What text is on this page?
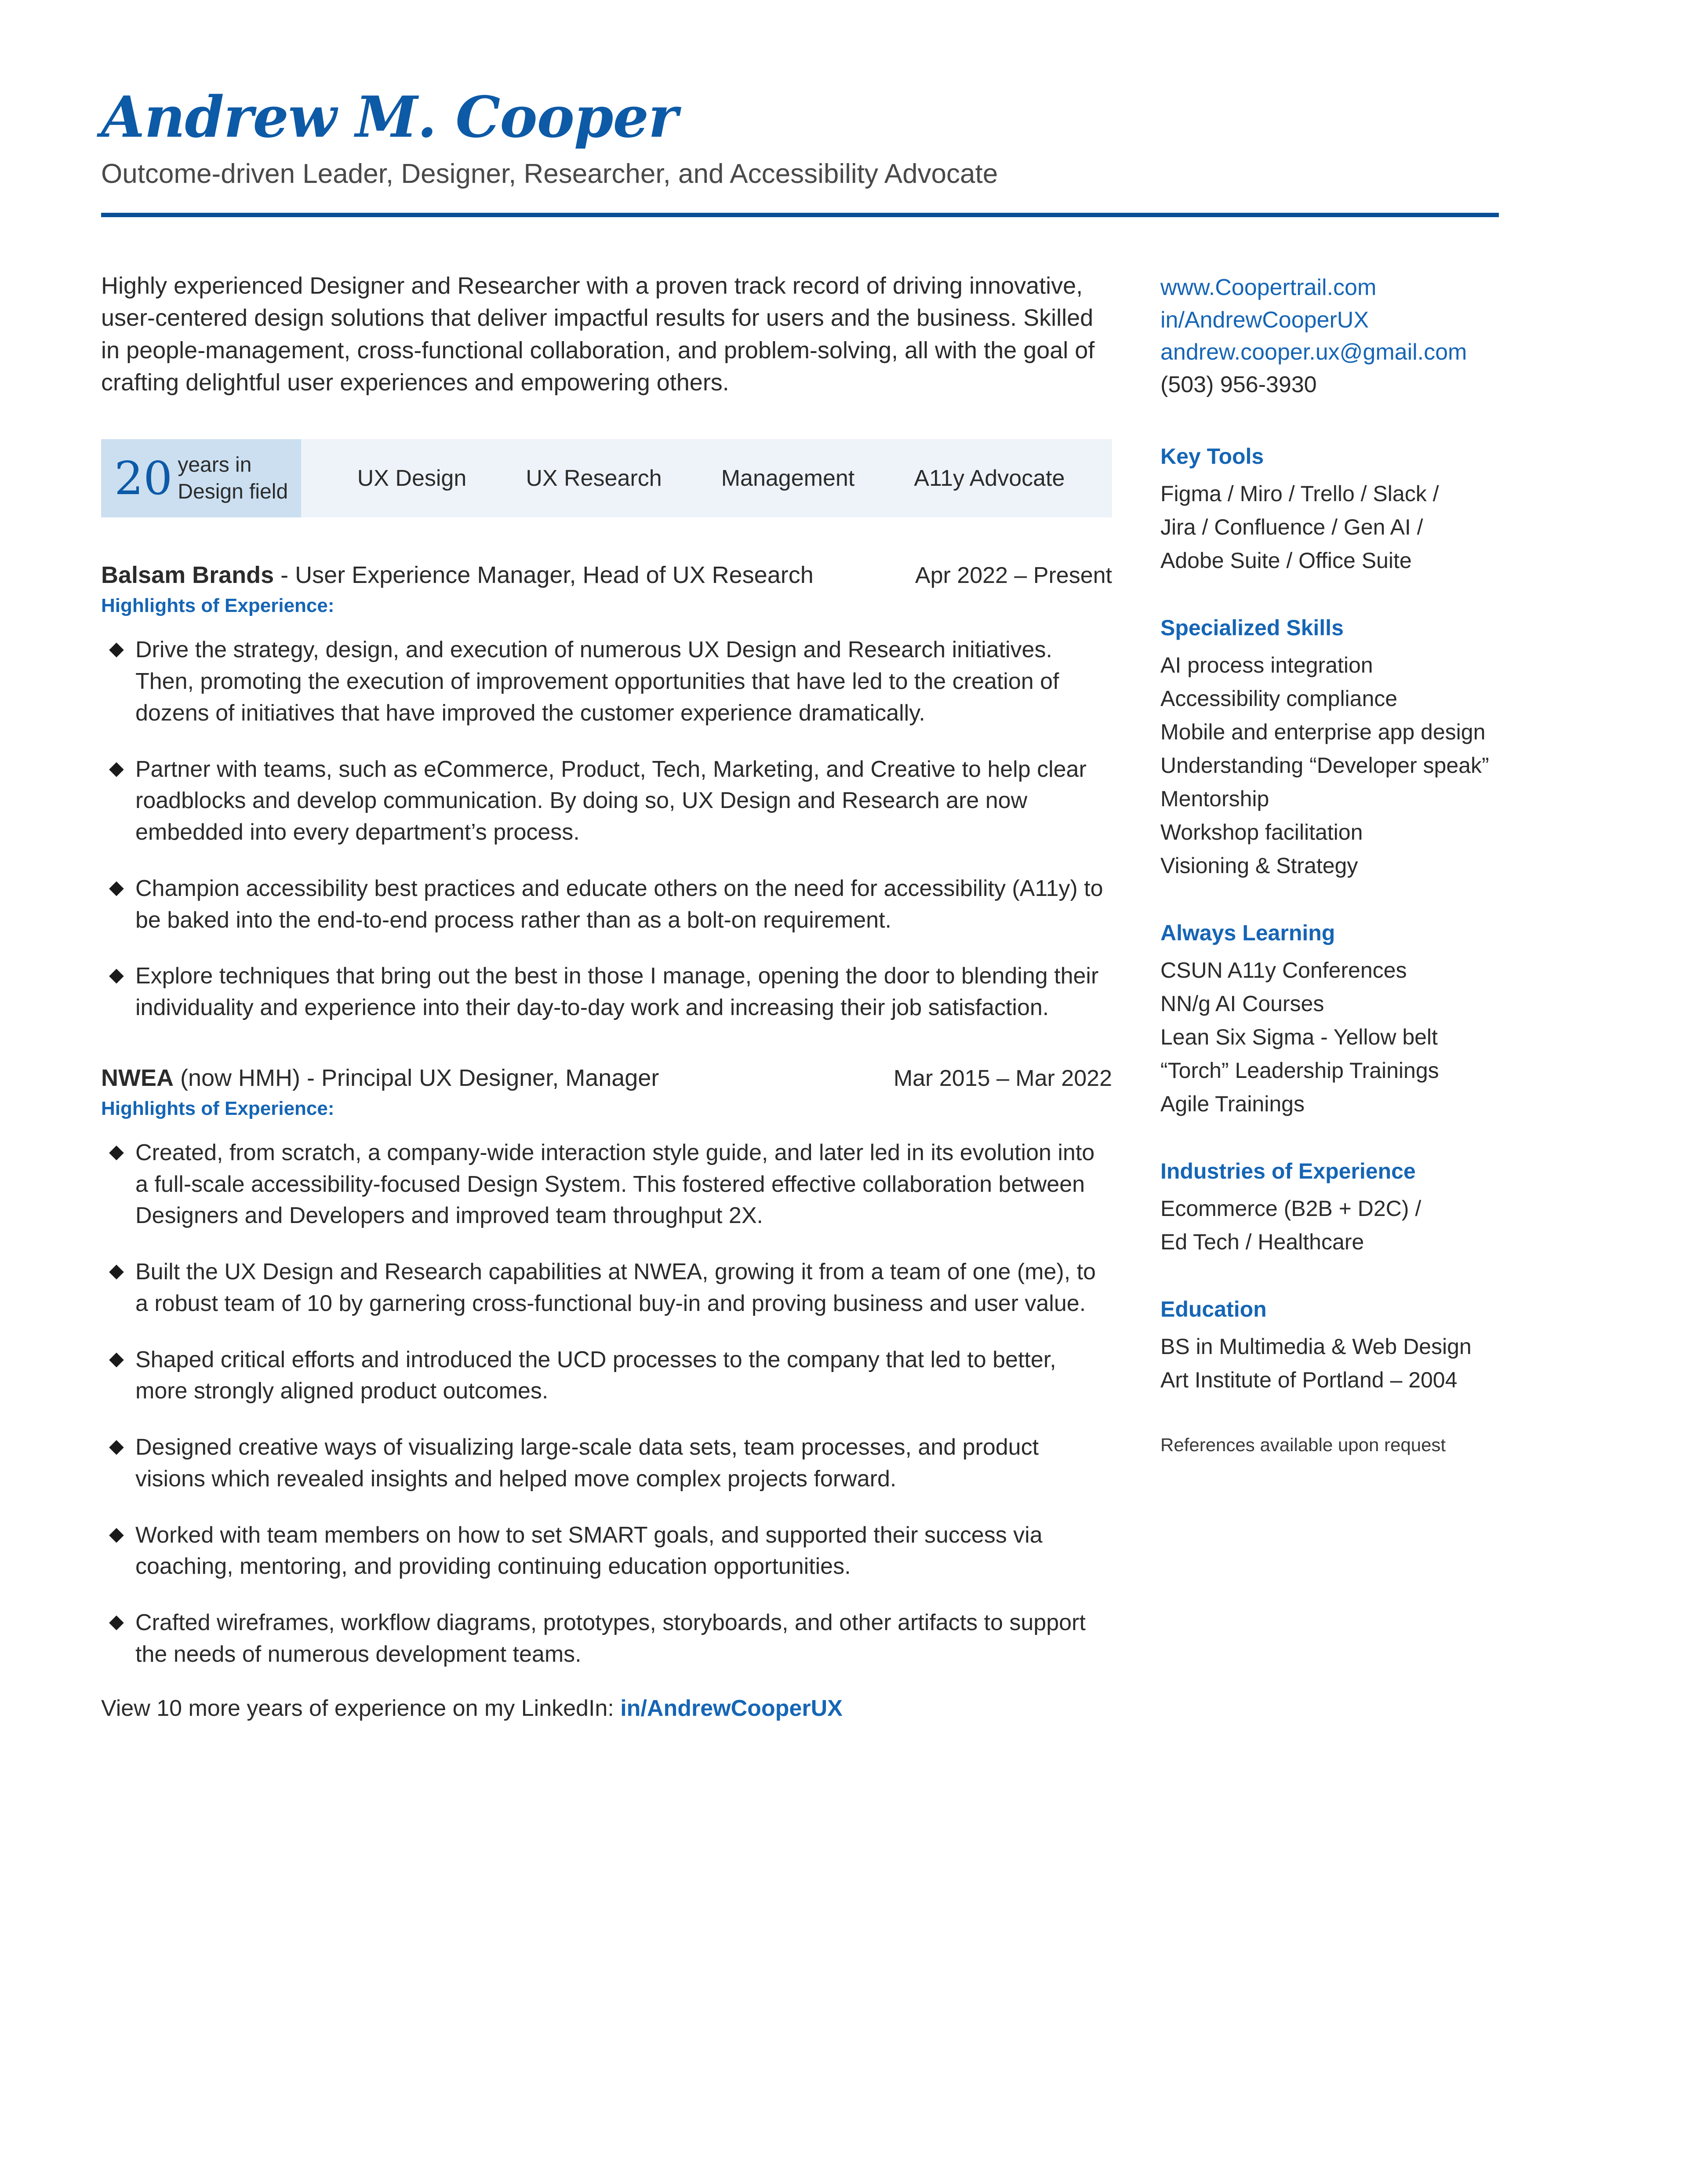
Andrew M. Cooper
Outcome-driven Leader, Designer, Researcher, and Accessibility Advocate
Highly experienced Designer and Researcher with a proven track record of driving innovative, user-centered design solutions that deliver impactful results for users and the business. Skilled in people-management, cross-functional collaboration, and problem-solving, all with the goal of crafting delightful user experiences and empowering others.
20 years in
Design field
UX Design	UX Research	Management	A11y Advocate
Balsam Brands - User Experience Manager, Head of UX Research	Apr 2022 – Present
Highlights of Experience:
◆ Drive the strategy, design, and execution of numerous UX Design and Research initiatives. Then, promoting the execution of improvement opportunities that have led to the creation of dozens of initiatives that have improved the customer experience dramatically.
◆ Partner with teams, such as eCommerce, Product, Tech, Marketing, and Creative to help clear roadblocks and develop communication. By doing so, UX Design and Research are now embedded into every department’s process.
◆ Champion accessibility best practices and educate others on the need for accessibility (A11y) to be baked into the end-to-end process rather than as a bolt-on requirement.
◆ Explore techniques that bring out the best in those I manage, opening the door to blending their individuality and experience into their day-to-day work and increasing their job satisfaction.
NWEA (now HMH) - Principal UX Designer, Manager	Mar 2015 – Mar 2022
Highlights of Experience:
◆ Created, from scratch, a company-wide interaction style guide, and later led in its evolution into a full-scale accessibility-focused Design System. This fostered effective collaboration between Designers and Developers and improved team throughput 2X.
◆ Built the UX Design and Research capabilities at NWEA, growing it from a team of one (me), to a robust team of 10 by garnering cross-functional buy-in and proving business and user value.
◆ Shaped critical efforts and introduced the UCD processes to the company that led to better, more strongly aligned product outcomes.
◆ Designed creative ways of visualizing large-scale data sets, team processes, and product visions which revealed insights and helped move complex projects forward.
◆ Worked with team members on how to set SMART goals, and supported their success via coaching, mentoring, and providing continuing education opportunities.
◆ Crafted wireframes, workflow diagrams, prototypes, storyboards, and other artifacts to support the needs of numerous development teams.
View 10 more years of experience on my LinkedIn: in/AndrewCooperUX
www.Coopertrail.com
in/AndrewCooperUX
andrew.cooper.ux@gmail.com
(503) 956-3930
Key Tools
Figma / Miro / Trello / Slack /
Jira / Confluence / Gen AI /
Adobe Suite / Office Suite
Specialized Skills
AI process integration
Accessibility compliance
Mobile and enterprise app design
Understanding “Developer speak”
Mentorship
Workshop facilitation
Visioning & Strategy
Always Learning
CSUN A11y Conferences
NN/g AI Courses
Lean Six Sigma - Yellow belt
“Torch” Leadership Trainings
Agile Trainings
Industries of Experience
Ecommerce (B2B + D2C) /
Ed Tech / Healthcare
Education
BS in Multimedia & Web Design
Art Institute of Portland – 2004
References available upon request
